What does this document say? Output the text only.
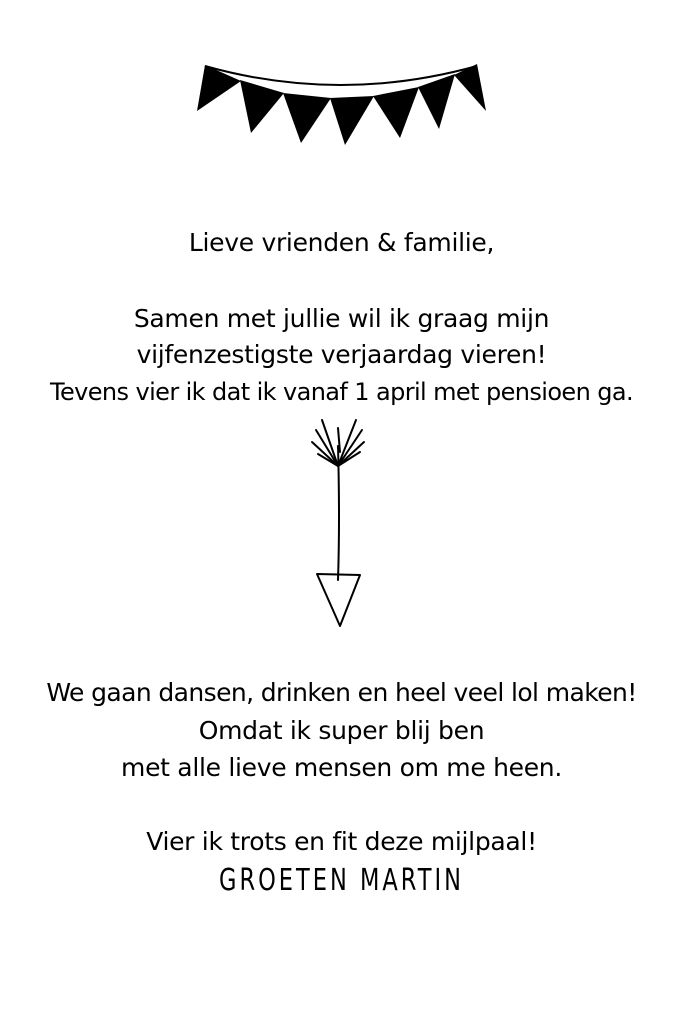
Lieve vrienden & familie,
Samen met jullie wil ik graag mijn
vijfenzestigste verjaardag vieren!
Tevens vier ik dat ik vanaf 1 april met pensioen ga.
We gaan dansen, drinken en heel veel lol maken!
Omdat ik super blij ben
met alle lieve mensen om me heen.
Vier ik trots en fit deze mijlpaal!
GROETEN MARTIN
